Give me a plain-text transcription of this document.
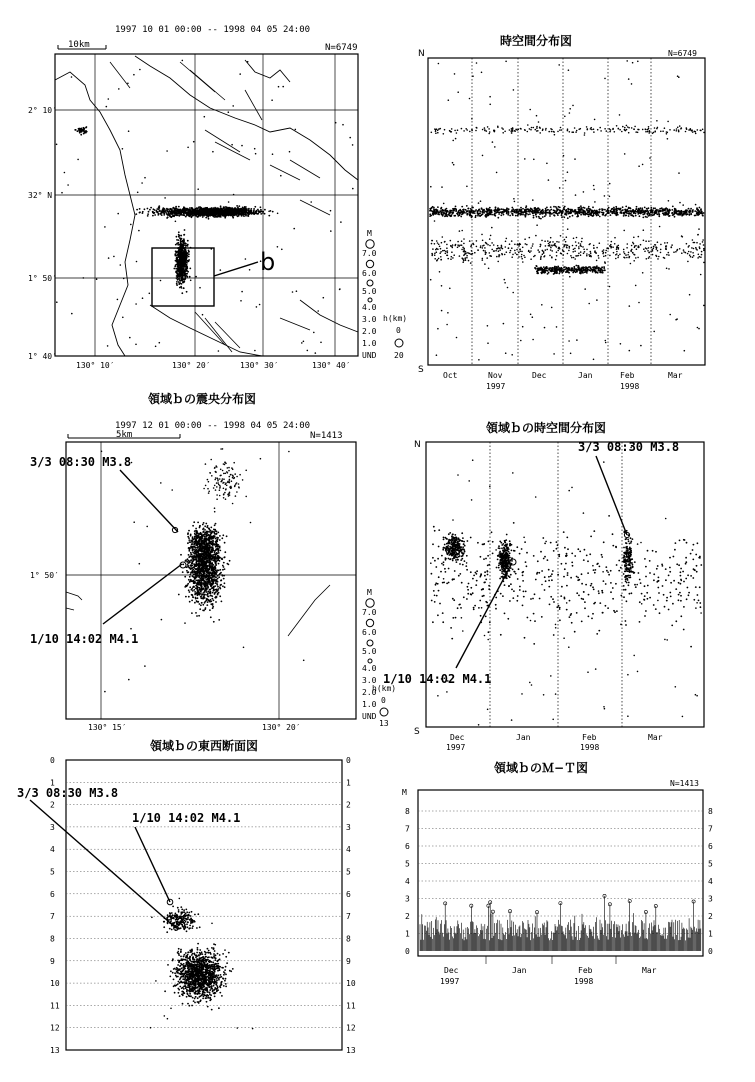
1997 10 01 00:00 -- 1998 04 05 24:00
N=6749
10km
b
2° 10′
32° N
1° 50′
1° 40′
130° 10′	130° 20′	130° 30′	130° 40′
M
7.0
6.0
5.0
4.0
3.0
2.0
1.0
UND
h(km)
0
20
時空間分布図
N=6749
N
S
Oct	Nov	Dec	Jan	Feb	Mar
1997	1998
領域ｂの震央分布図
1997 12 01 00:00 -- 1998 04 05 24:00
N=1413
5km
3/3 08:30 M3.8
1/10 14:02 M4.1
1° 50′
130° 15′	130° 20′
M
7.0
6.0
5.0
4.0
3.0
2.0
1.0
UND
h(km)
0
13
領域ｂの時空間分布図
3/3 08:30 M3.8
1/10 14:02 M4.1
N
S
Dec	Jan	Feb	Mar
1997	1998
領域ｂの東西断面図
0	0
1	1
2	2
3	3
4	4
5	5
6	6
7	7
8	8
9	9
10	10
11	11
12	12
13	13
3/3 08:30 M3.8
1/10 14:02 M4.1
領域ｂのＭ−Ｔ図
N=1413
M
0	0
1	1
2	2
3	3
4	4
5	5
6	6
7	7
8	8
Dec	Jan	Feb	Mar
1997	1998
